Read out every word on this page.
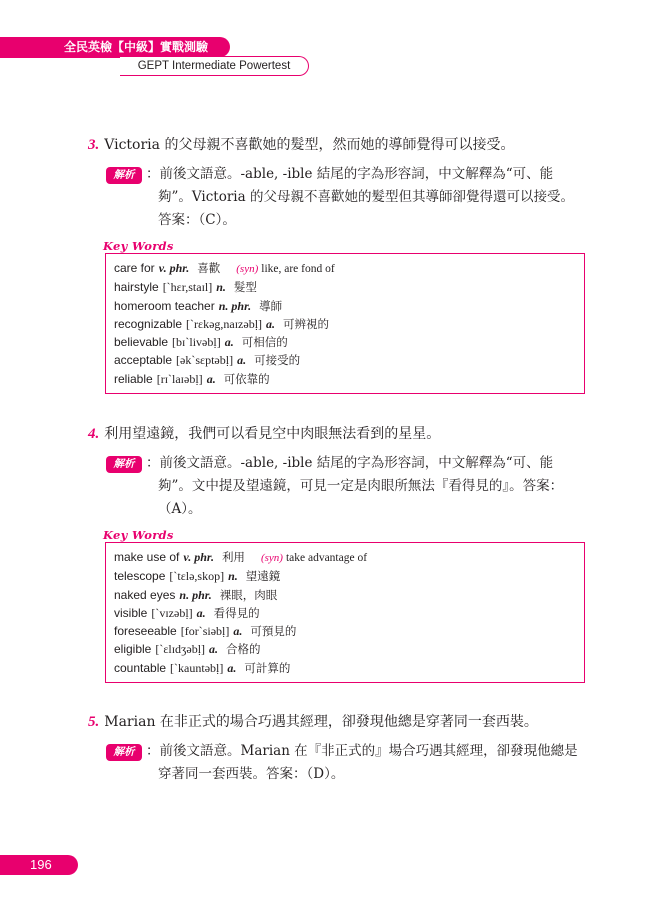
全民英檢【中級】實戰測驗
GEPT Intermediate Powertest
3. Victoria 的父母親不喜歡她的髮型，然而她的導師覺得可以接受。
解析 ：前後文語意。-able, -ible 結尾的字為形容詞，中文解釋為“可、能
夠”。Victoria 的父母親不喜歡她的髮型但其導師卻覺得還可以接受。
答案：（C）。
Key Words
care for v. phr. 喜歡 (syn) like, are fond of
hairstyle [`hɛr,staɪl] n. 髮型
homeroom teacher n. phr. 導師
recognizable [`rɛkəg,naɪzəbḷ] a. 可辨視的
believable [bɪ`livəbḷ] a. 可相信的
acceptable [ək`sɛptəbḷ] a. 可接受的
reliable [rɪ`laɪəbḷ] a. 可依靠的
4. 利用望遠鏡，我們可以看見空中肉眼無法看到的星星。
解析 ：前後文語意。-able, -ible 結尾的字為形容詞，中文解釋為“可、能
夠”。文中提及望遠鏡，可見一定是肉眼所無法『看得見的』。答案：
（A）。
Key Words
make use of v. phr. 利用 (syn) take advantage of
telescope [`tɛlə,skop] n. 望遠鏡
naked eyes n. phr. 裸眼，肉眼
visible [`vɪzəbḷ] a. 看得見的
foreseeable [for`siəbḷ] a. 可預見的
eligible [`ɛlɪdʒəbḷ] a. 合格的
countable [`kauntəbḷ] a. 可計算的
5. Marian 在非正式的場合巧遇其經理，卻發現他總是穿著同一套西裝。
解析 ：前後文語意。Marian 在『非正式的』場合巧遇其經理，卻發現他總是
穿著同一套西裝。答案：（D）。
196
